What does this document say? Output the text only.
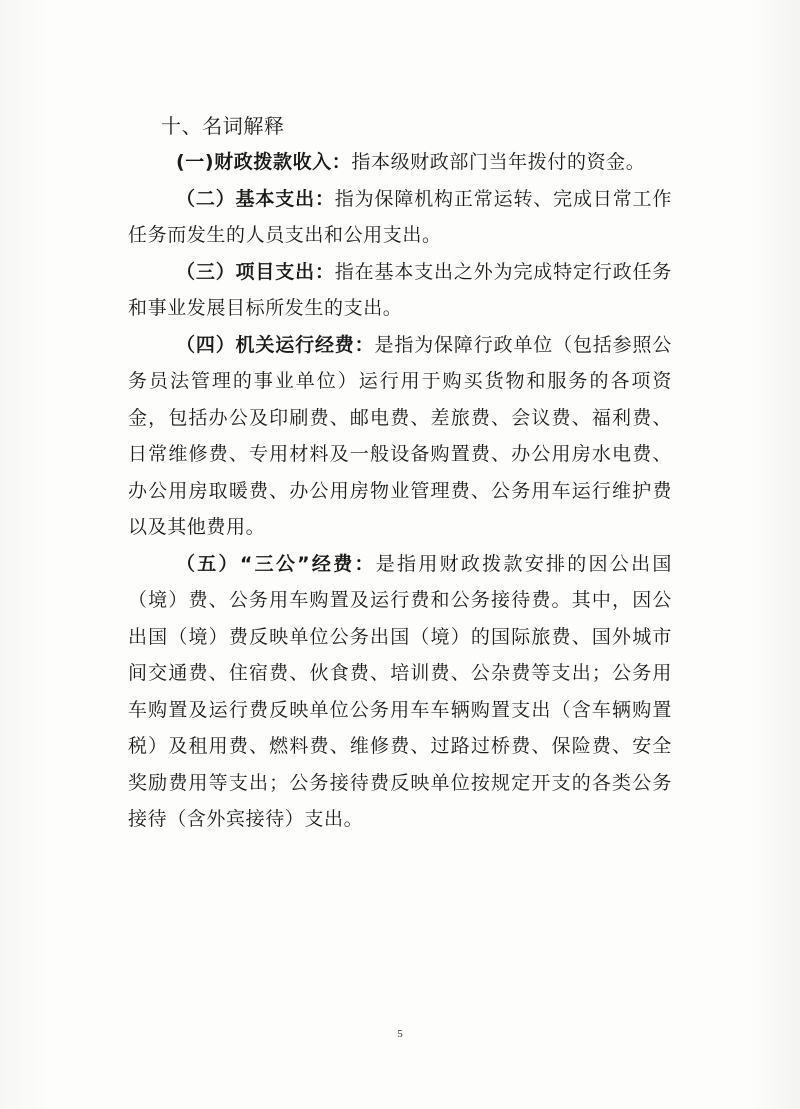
十、名词解释

(一)财政拨款收入：指本级财政部门当年拨付的资金。

（二）基本支出：指为保障机构正常运转、完成日常工作任务而发生的人员支出和公用支出。

（三）项目支出：指在基本支出之外为完成特定行政任务和事业发展目标所发生的支出。

（四）机关运行经费：是指为保障行政单位（包括参照公务员法管理的事业单位）运行用于购买货物和服务的各项资金，包括办公及印刷费、邮电费、差旅费、会议费、福利费、日常维修费、专用材料及一般设备购置费、办公用房水电费、办公用房取暖费、办公用房物业管理费、公务用车运行维护费以及其他费用。

（五）“三公”经费：是指用财政拨款安排的因公出国（境）费、公务用车购置及运行费和公务接待费。其中，因公出国（境）费反映单位公务出国（境）的国际旅费、国外城市间交通费、住宿费、伙食费、培训费、公杂费等支出；公务用车购置及运行费反映单位公务用车车辆购置支出（含车辆购置税）及租用费、燃料费、维修费、过路过桥费、保险费、安全奖励费用等支出；公务接待费反映单位按规定开支的各类公务接待（含外宾接待）支出。

5
